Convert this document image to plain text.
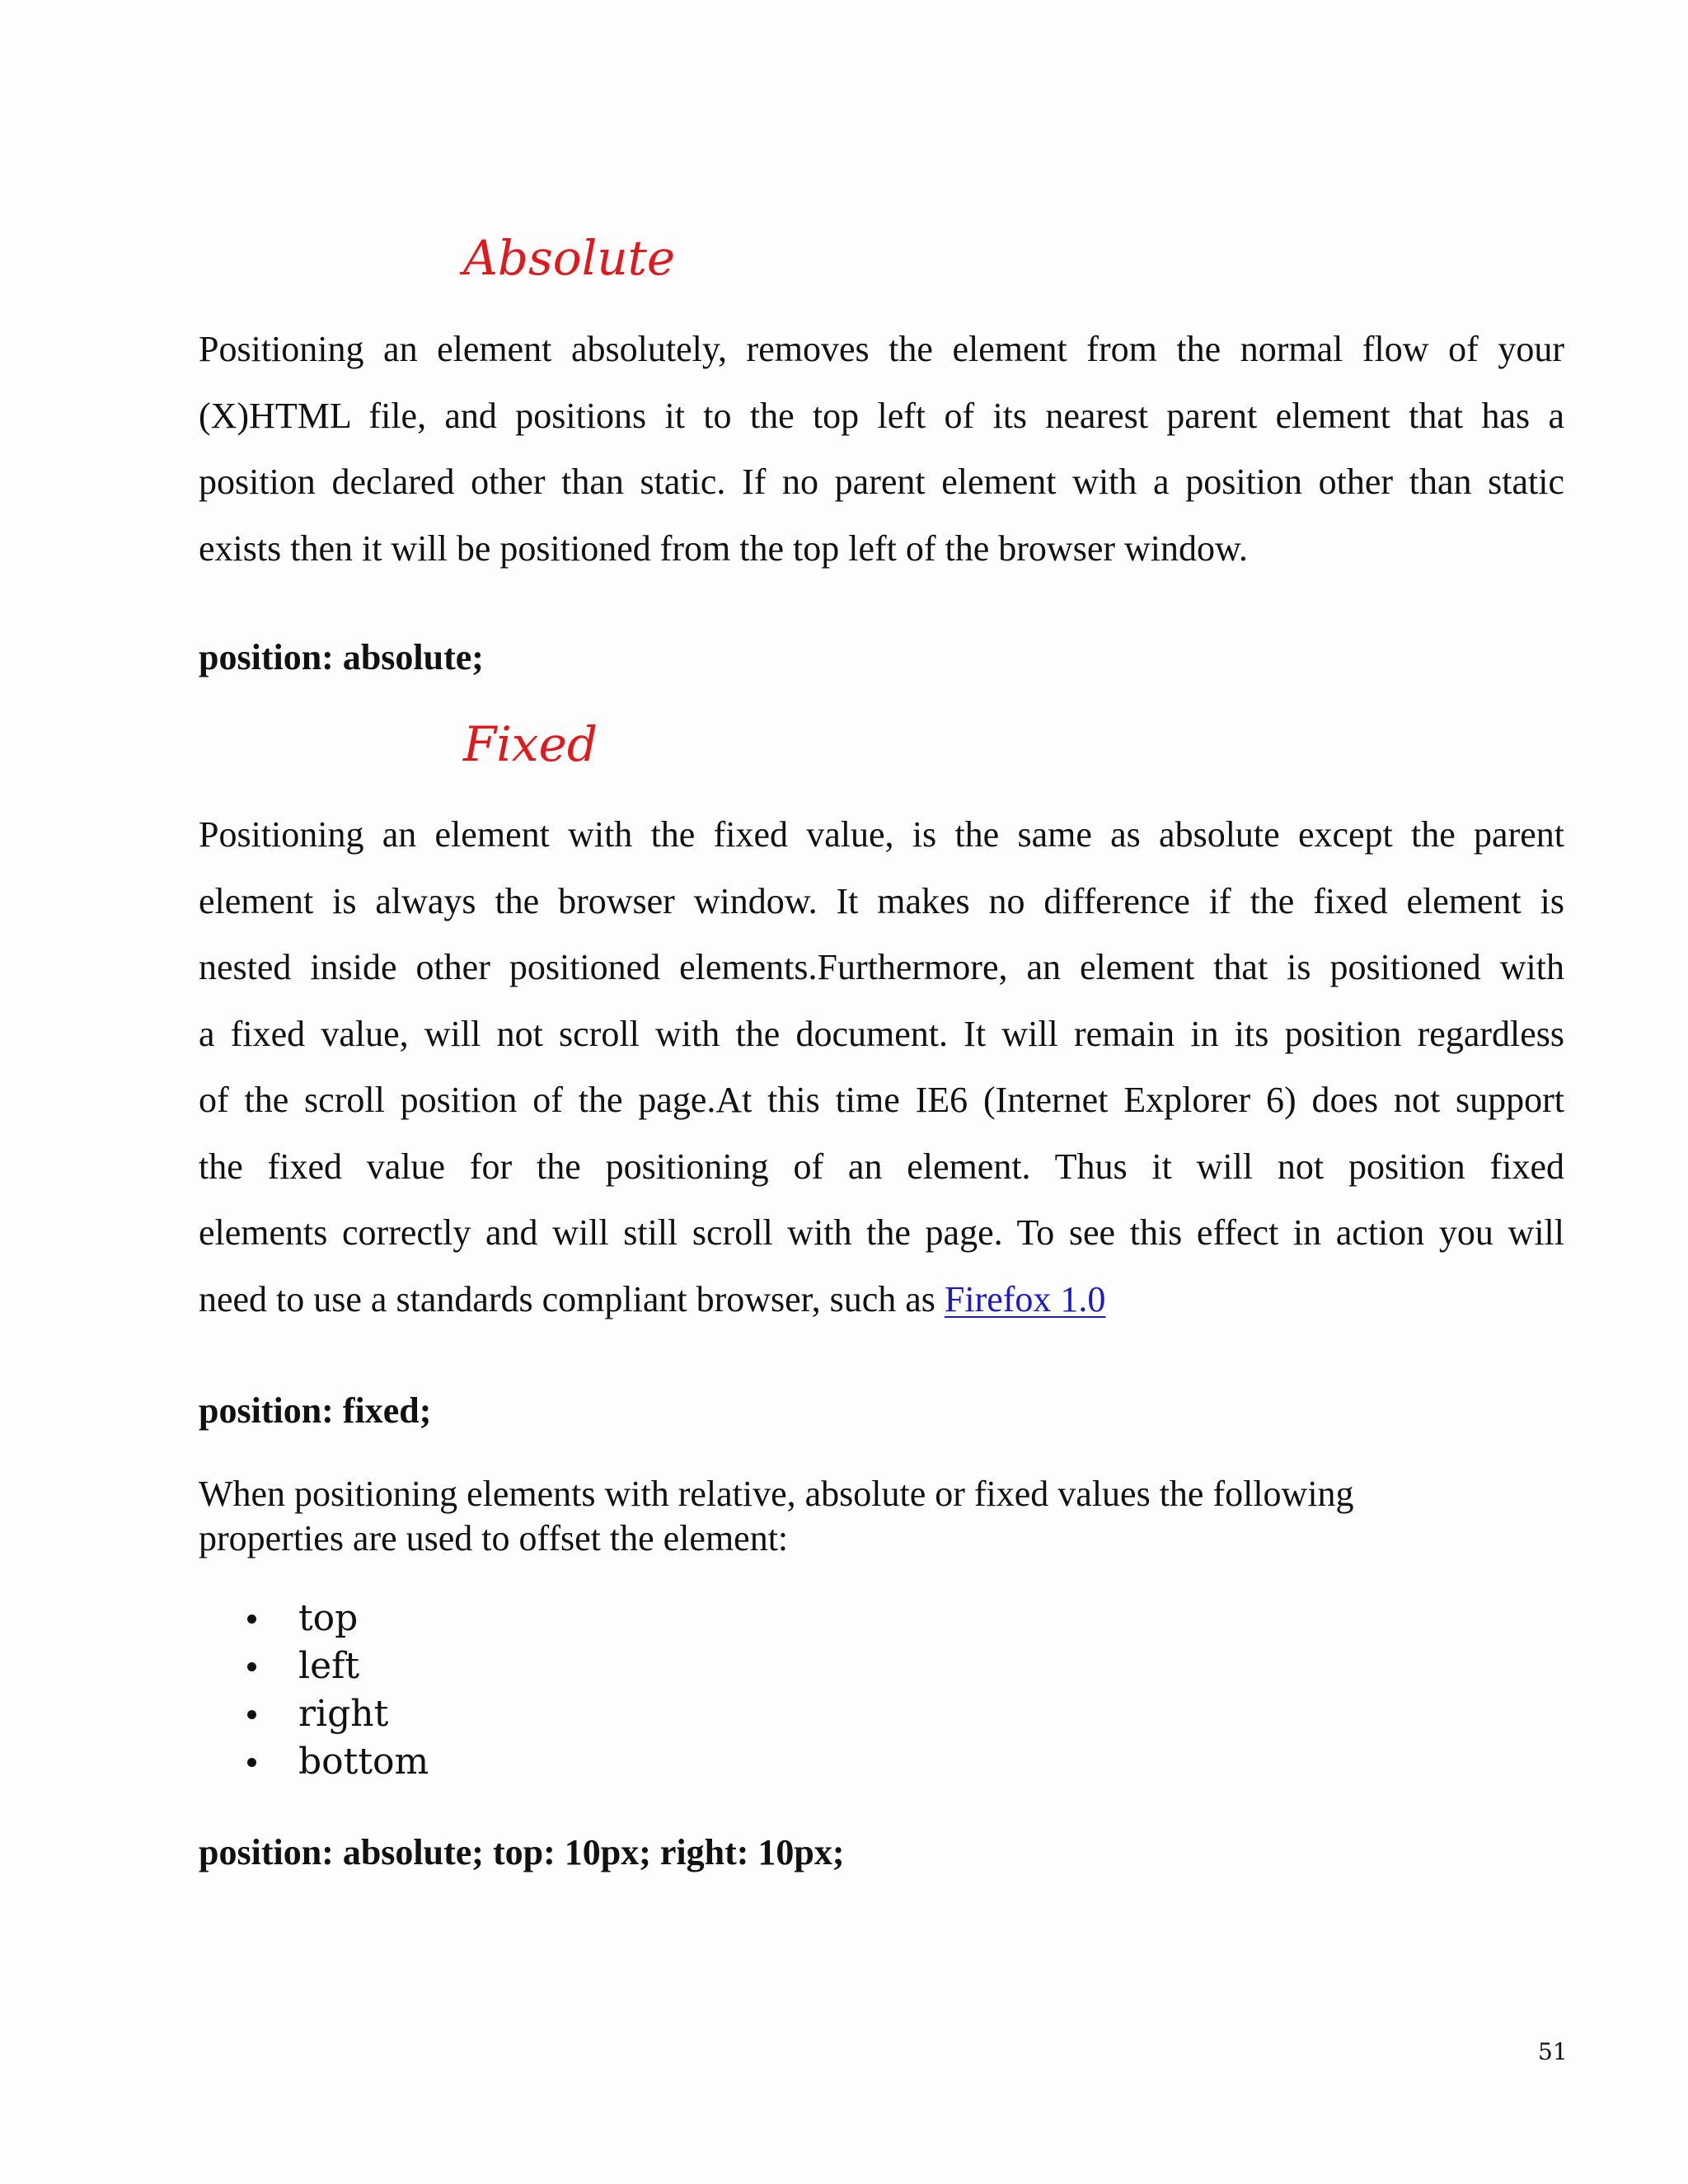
Absolute
Positioning an element absolutely, removes the element from the normal flow of your
(X)HTML file, and positions it to the top left of its nearest parent element that has a
position declared other than static. If no parent element with a position other than static
exists then it will be positioned from the top left of the browser window.
position: absolute;
Fixed
Positioning an element with the fixed value, is the same as absolute except the parent
element is always the browser window. It makes no difference if the fixed element is
nested inside other positioned elements.Furthermore, an element that is positioned with
a fixed value, will not scroll with the document. It will remain in its position regardless
of the scroll position of the page.At this time IE6 (Internet Explorer 6) does not support
the fixed value for the positioning of an element. Thus it will not position fixed
elements correctly and will still scroll with the page. To see this effect in action you will
need to use a standards compliant browser, such as Firefox 1.0
position: fixed;
When positioning elements with relative, absolute or fixed values the following
properties are used to offset the element:
top
left
right
bottom
position: absolute; top: 10px; right: 10px;
51
